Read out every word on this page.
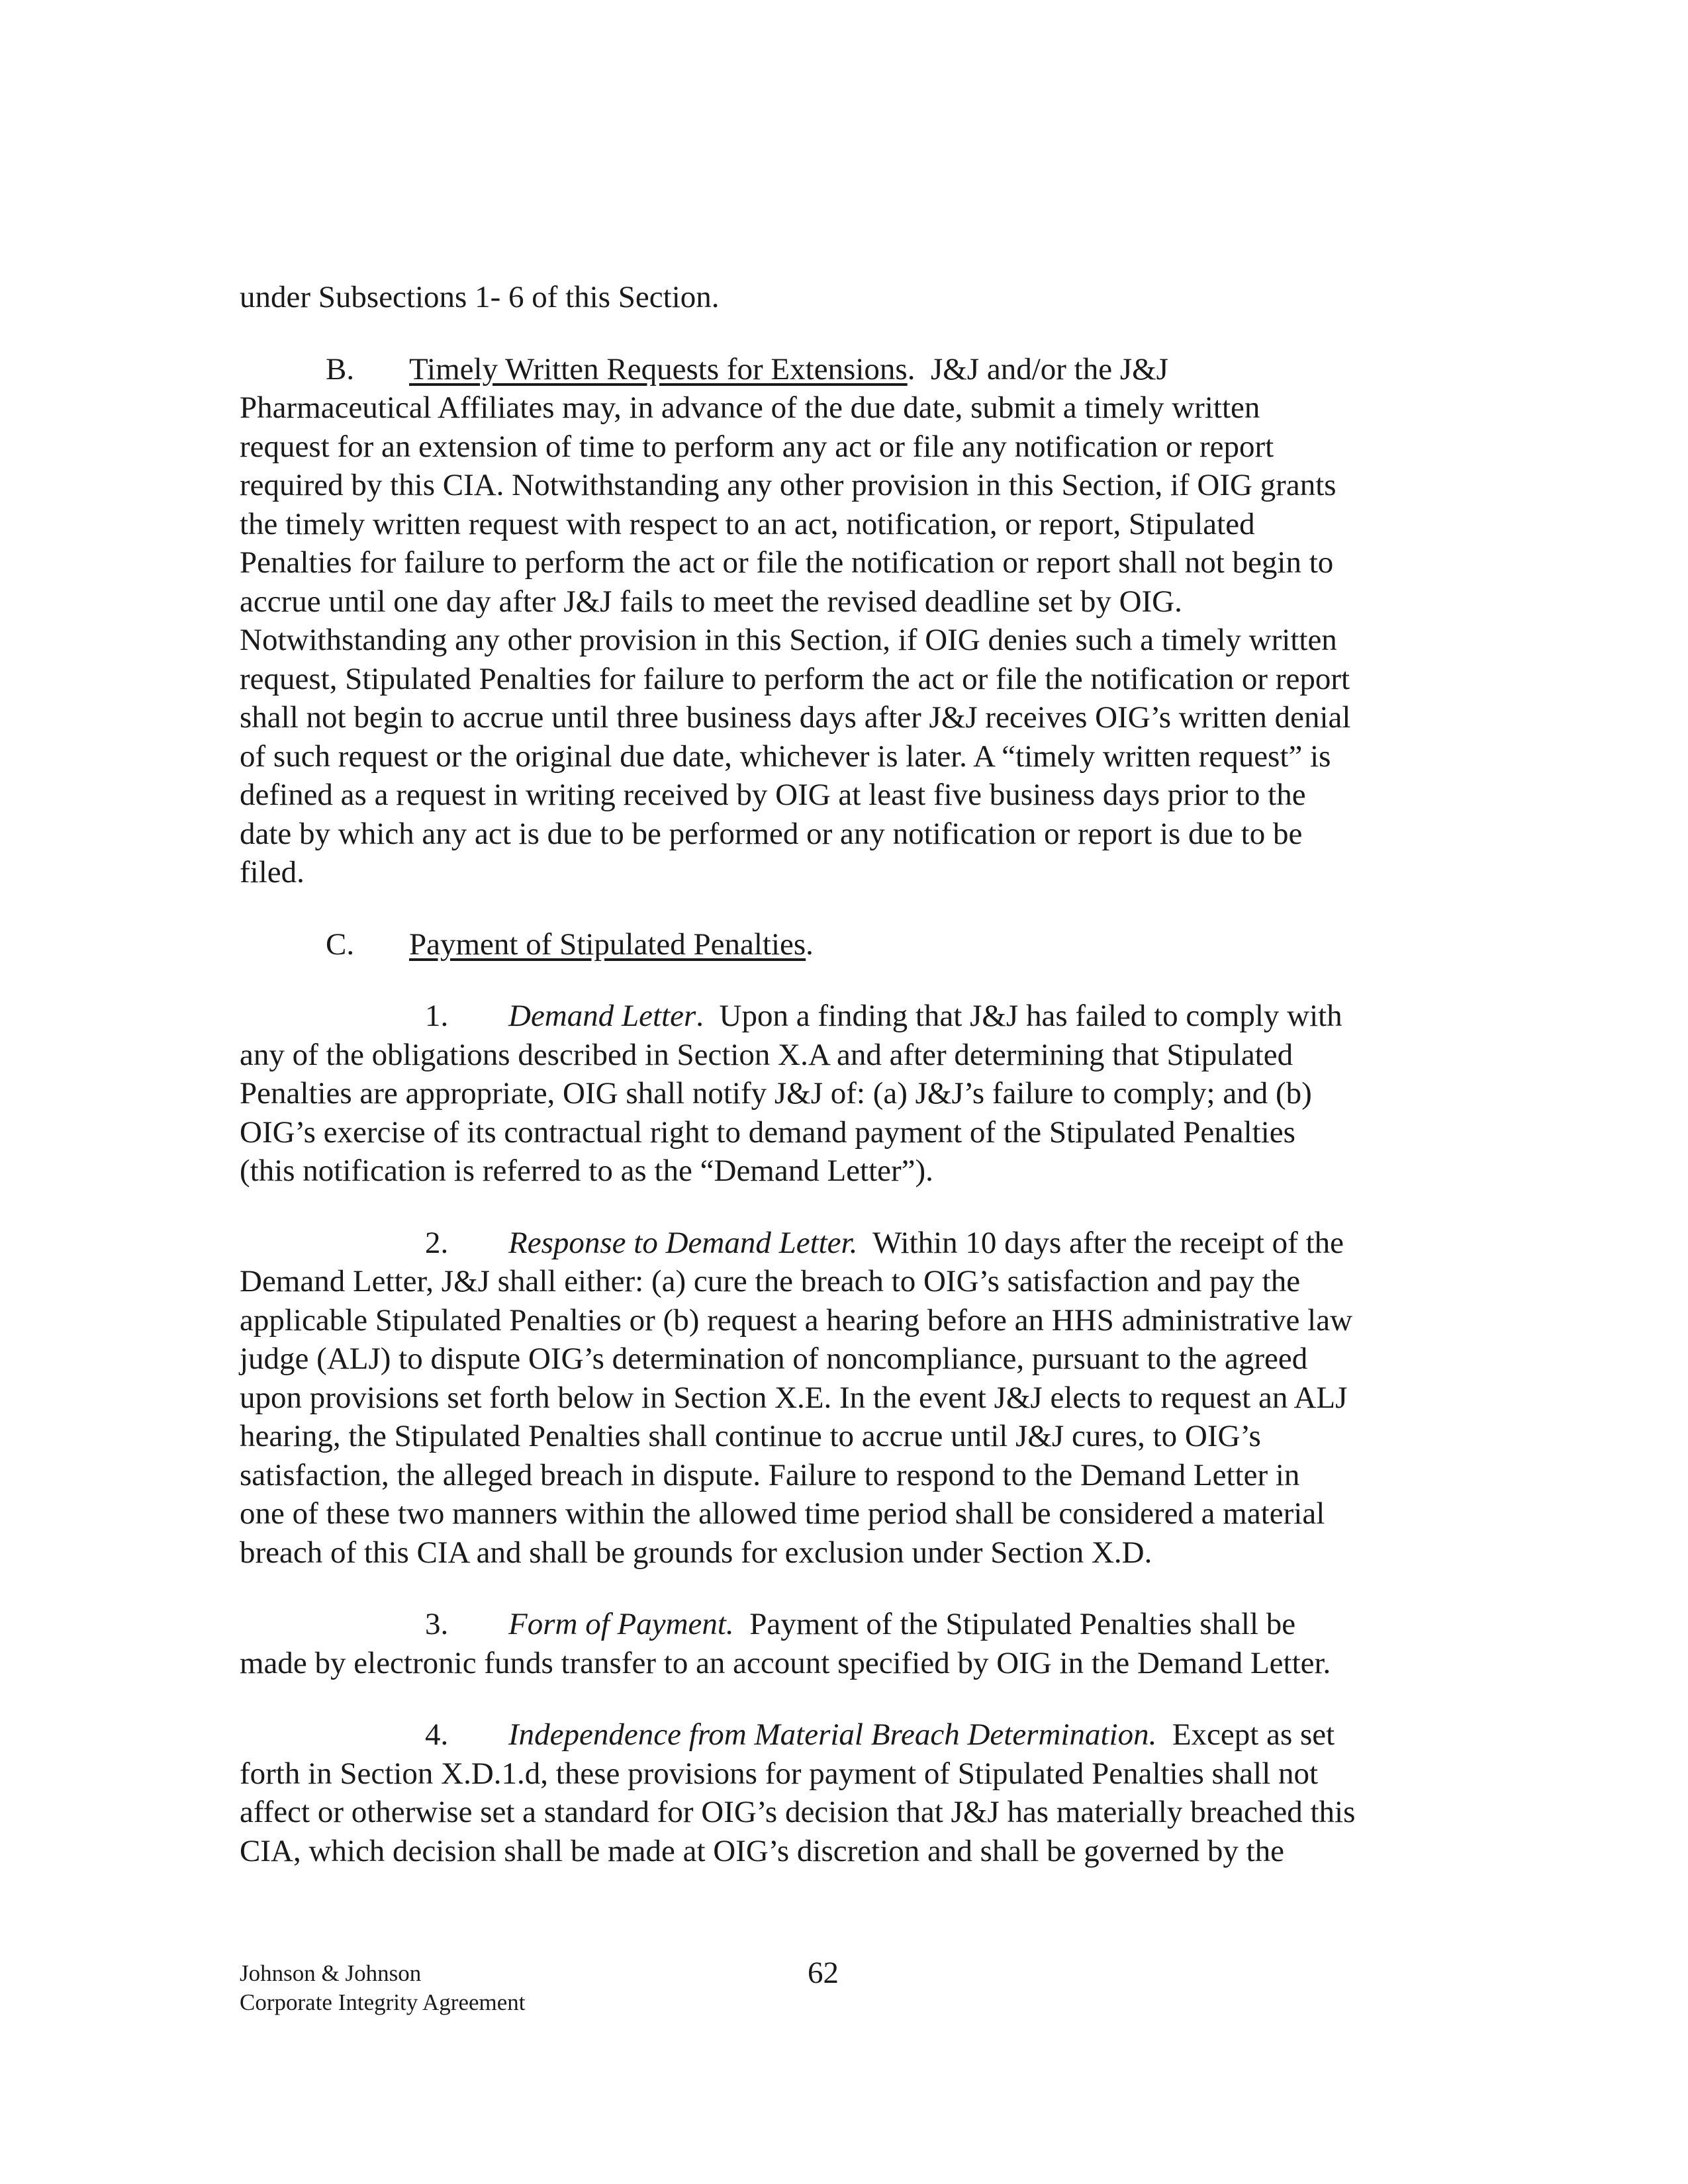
under Subsections 1- 6 of this Section.

B. Timely Written Requests for Extensions.  J&J and/or the J&J

Pharmaceutical Affiliates may, in advance of the due date, submit a timely written

request for an extension of time to perform any act or file any notification or report

required by this CIA. Notwithstanding any other provision in this Section, if OIG grants

the timely written request with respect to an act, notification, or report, Stipulated

Penalties for failure to perform the act or file the notification or report shall not begin to

accrue until one day after J&J fails to meet the revised deadline set by OIG.

Notwithstanding any other provision in this Section, if OIG denies such a timely written

request, Stipulated Penalties for failure to perform the act or file the notification or report

shall not begin to accrue until three business days after J&J receives OIG’s written denial

of such request or the original due date, whichever is later. A “timely written request” is

defined as a request in writing received by OIG at least five business days prior to the

date by which any act is due to be performed or any notification or report is due to be

filed.

C. Payment of Stipulated Penalties.

1. Demand Letter.  Upon a finding that J&J has failed to comply with

any of the obligations described in Section X.A and after determining that Stipulated

Penalties are appropriate, OIG shall notify J&J of: (a) J&J’s failure to comply; and (b)

OIG’s exercise of its contractual right to demand payment of the Stipulated Penalties

(this notification is referred to as the “Demand Letter”).

2. Response to Demand Letter.  Within 10 days after the receipt of the

Demand Letter, J&J shall either: (a) cure the breach to OIG’s satisfaction and pay the

applicable Stipulated Penalties or (b) request a hearing before an HHS administrative law

judge (ALJ) to dispute OIG’s determination of noncompliance, pursuant to the agreed

upon provisions set forth below in Section X.E. In the event J&J elects to request an ALJ

hearing, the Stipulated Penalties shall continue to accrue until J&J cures, to OIG’s

satisfaction, the alleged breach in dispute. Failure to respond to the Demand Letter in

one of these two manners within the allowed time period shall be considered a material

breach of this CIA and shall be grounds for exclusion under Section X.D.

3. Form of Payment.  Payment of the Stipulated Penalties shall be

made by electronic funds transfer to an account specified by OIG in the Demand Letter.

4. Independence from Material Breach Determination.  Except as set

forth in Section X.D.1.d, these provisions for payment of Stipulated Penalties shall not

affect or otherwise set a standard for OIG’s decision that J&J has materially breached this

CIA, which decision shall be made at OIG’s discretion and shall be governed by the

Johnson & Johnson
Corporate Integrity Agreement
62
